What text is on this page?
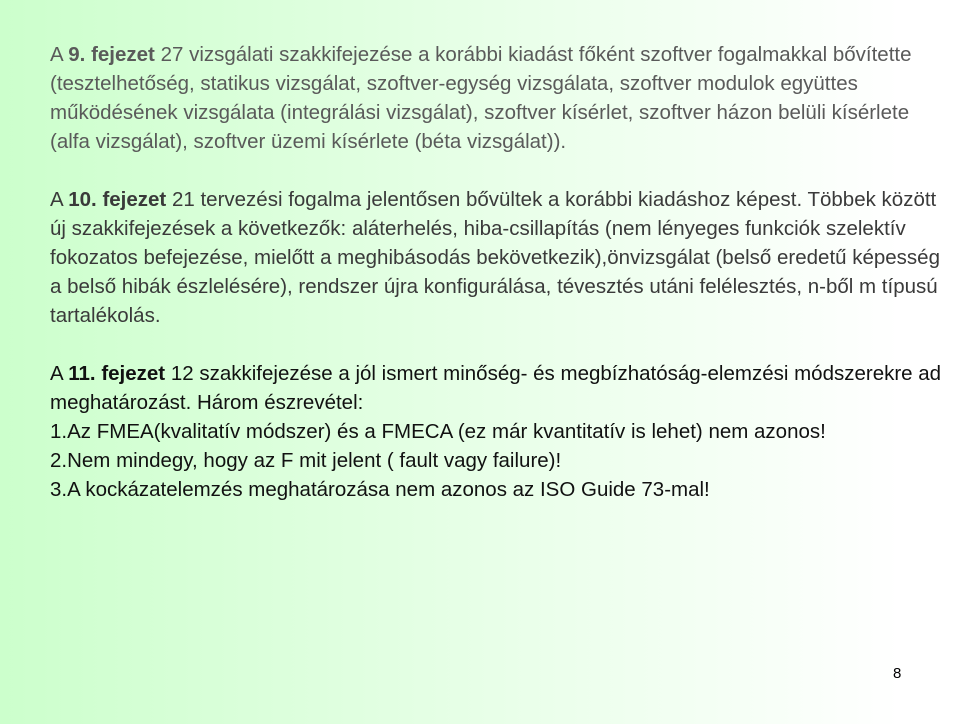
A 9. fejezet 27 vizsgálati szakkifejezése a korábbi kiadást főként szoftver fogalmakkal bővítette (tesztelhetőség, statikus vizsgálat, szoftver-egység vizsgálata, szoftver modulok együttes működésének vizsgálata (integrálási vizsgálat), szoftver kísérlet, szoftver házon belüli kísérlete (alfa vizsgálat), szoftver üzemi kísérlete (béta vizsgálat)).

A 10. fejezet 21 tervezési fogalma jelentősen bővültek a korábbi kiadáshoz képest. Többek között új szakkifejezések a következők: aláterhelés, hiba-csillapítás (nem lényeges funkciók szelektív fokozatos befejezése, mielőtt a meghibásodás bekövetkezik),önvizsgálat (belső eredetű képesség a belső hibák észlelésére), rendszer újra konfigurálása, tévesztés utáni felélesztés, n-ből m típusú tartalékolás.

A 11. fejezet 12 szakkifejezése a jól ismert minőség- és megbízhatóság-elemzési módszerekre ad meghatározást. Három észrevétel:
1.Az FMEA(kvalitatív módszer) és a FMECA (ez már kvantitatív is lehet) nem azonos!
2.Nem mindegy, hogy az F mit jelent ( fault vagy failure)!
3.A kockázatelemzés meghatározása nem azonos az ISO Guide 73-mal!
8
